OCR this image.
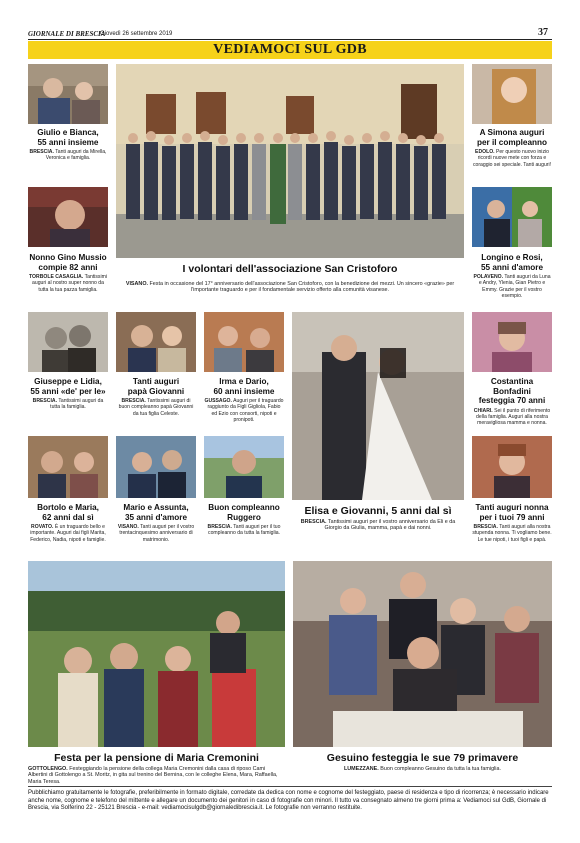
GIORNALE DI BRESCIA
Giovedì 26 settembre 2019	37
VEDIAMOCI SUL GDB
Giulio e Bianca,
55 anni insieme
BRESCIA. Tanti auguri da Mirella, Veronica e famiglia.
I volontari dell'associazione San Cristoforo
VISANO. Festa in occasione del 17° anniversario dell'associazione San Cristoforo, con la benedizione dei mezzi. Un sincero «grazie» per l'importante traguardo e per il fondamentale servizio offerto alla comunità visanese.
A Simona auguri
per il compleanno
EDOLO. Per questo nuovo inizio ricordi nuove mete con forza e coraggio sei speciale. Tanti auguri!
Nonno Gino Mussio
compie 82 anni
TORBOLE CASAGLIA. Tantissimi auguri al nostro super nonno da tutta la tua pazza famiglia.
Longino e Rosi,
55 anni d'amore
POLAVENO. Tanti auguri da Luna e Andry, Ylenia, Gian Pietro e Emmy. Grazie per il vostro esempio.
Giuseppe e Lidia,
55 anni «de' per le»
BRESCIA. Tantissimi auguri da tutta la famiglia.
Tanti auguri
papà Giovanni
BRESCIA. Tantissimi auguri di buon compleanno papà Giovanni da tua figlia Celeste.
Irma e Dario,
60 anni insieme
GUSSAGO. Auguri per il traguardo raggiunto da Figli Gigliola, Fabio ed Ezio con consorti, nipoti e pronipoti.
Elisa e Giovanni, 5 anni dal sì
BRESCIA. Tantissimi auguri per il vostro anniversario da Eli e da Giorgio da Giulia, mamma, papà e dai nonni.
Costantina Bonfadini
festeggia 70 anni
CHIARI. Sei il punto di riferimento della famiglia. Auguri alla nostra meravigliosa mamma e nonna.
Bortolo e Maria,
62 anni dal sì
ROVATO. È un traguardo bello e importante. Auguri dai figli Marita, Federico, Nadia, nipoti e famiglie.
Mario e Assunta,
35 anni d'amore
VISANO. Tanti auguri per il vostro trentacinquesimo anniversario di matrimonio.
Buon compleanno
Ruggero
BRESCIA. Tanti auguri per il tuo compleanno da tutta la famiglia.
Tanti auguri nonna
per i tuoi 79 anni
BRESCIA. Tanti auguri alla nostra stupenda nonna. Ti vogliamo bene. Le tue nipoti, i tuoi figli e papà.
Festa per la pensione di Maria Cremonini
GOTTOLENGO. Festeggiando la pensione della collega Maria Cremonini dalla casa di riposo Cami Albertini di Gottolengo a St. Moritz, in gita sul trenino del Bernina, con le colleghe Elena, Mara, Raffaella, Maria Teresa.
Gesuino festeggia le sue 79 primavere
LUMEZZANE. Buon compleanno Gesuino da tutta la tua famiglia.
Pubblichiamo gratuitamente le fotografie, preferibilmente in formato digitale, corredate da dedica con nome e cognome del festeggiato, paese di residenza e tipo di ricorrenza; è necessario indicare anche nome, cognome e telefono del mittente e allegare un documento dei genitori in caso di fotografie con minori. Il tutto va consegnato almeno tre giorni prima a: Vediamoci sul GdB, Giornale di Brescia, via Solferino 22 - 25121 Brescia - e-mail: vediamocisulgdb@giornaledibrescia.it. Le fotografie non verranno restituite.
